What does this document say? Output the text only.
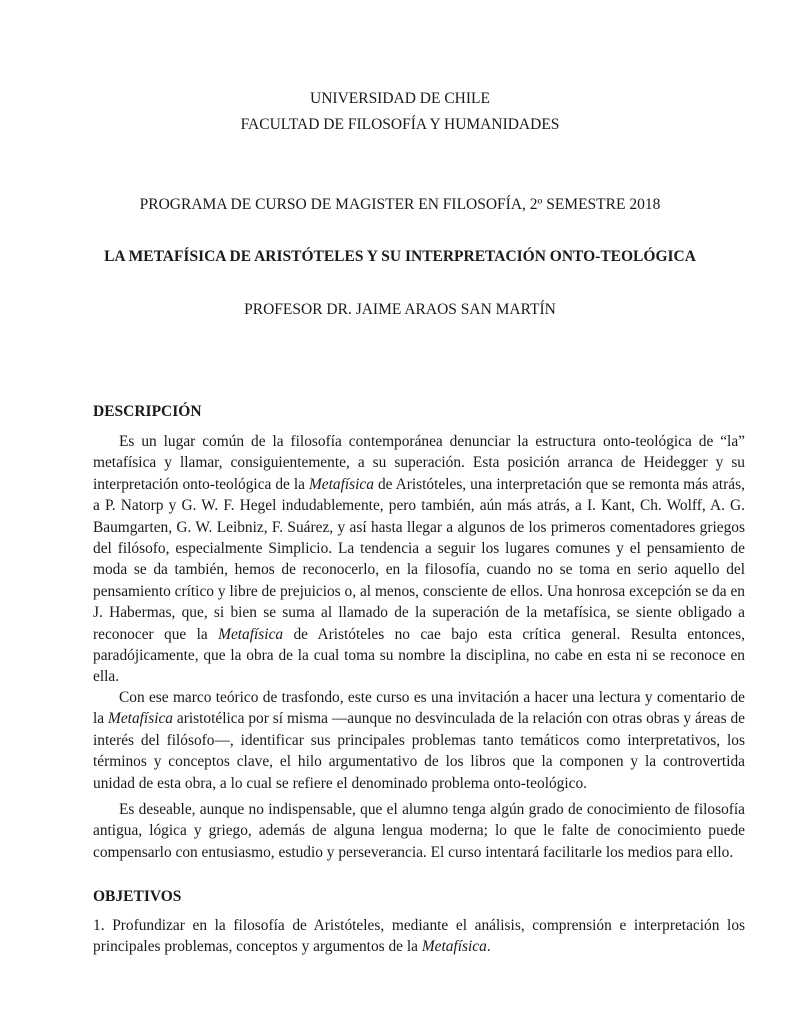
UNIVERSIDAD DE CHILE
FACULTAD DE FILOSOFÍA Y HUMANIDADES
PROGRAMA DE CURSO DE MAGISTER EN FILOSOFÍA, 2º SEMESTRE 2018
LA METAFÍSICA DE ARISTÓTELES Y SU INTERPRETACIÓN ONTO-TEOLÓGICA
PROFESOR DR. JAIME ARAOS SAN MARTÍN
DESCRIPCIÓN
Es un lugar común de la filosofía contemporánea denunciar la estructura onto-teológica de “la” metafísica y llamar, consiguientemente, a su superación. Esta posición arranca de Heidegger y su interpretación onto-teológica de la Metafísica de Aristóteles, una interpretación que se remonta más atrás, a P. Natorp y G. W. F. Hegel indudablemente, pero también, aún más atrás, a I. Kant, Ch. Wolff, A. G. Baumgarten, G. W. Leibniz, F. Suárez, y así hasta llegar a algunos de los primeros comentadores griegos del filósofo, especialmente Simplicio. La tendencia a seguir los lugares comunes y el pensamiento de moda se da también, hemos de reconocerlo, en la filosofía, cuando no se toma en serio aquello del pensamiento crítico y libre de prejuicios o, al menos, consciente de ellos. Una honrosa excepción se da en J. Habermas, que, si bien se suma al llamado de la superación de la metafísica, se siente obligado a reconocer que la Metafísica de Aristóteles no cae bajo esta crítica general. Resulta entonces, paradójicamente, que la obra de la cual toma su nombre la disciplina, no cabe en esta ni se reconoce en ella.
Con ese marco teórico de trasfondo, este curso es una invitación a hacer una lectura y comentario de la Metafísica aristotélica por sí misma —aunque no desvinculada de la relación con otras obras y áreas de interés del filósofo—, identificar sus principales problemas tanto temáticos como interpretativos, los términos y conceptos clave, el hilo argumentativo de los libros que la componen y la controvertida unidad de esta obra, a lo cual se refiere el denominado problema onto-teológico.
Es deseable, aunque no indispensable, que el alumno tenga algún grado de conocimiento de filosofía antigua, lógica y griego, además de alguna lengua moderna; lo que le falte de conocimiento puede compensarlo con entusiasmo, estudio y perseverancia. El curso intentará facilitarle los medios para ello.
OBJETIVOS
1. Profundizar en la filosofía de Aristóteles, mediante el análisis, comprensión e interpretación los principales problemas, conceptos y argumentos de la Metafísica.
